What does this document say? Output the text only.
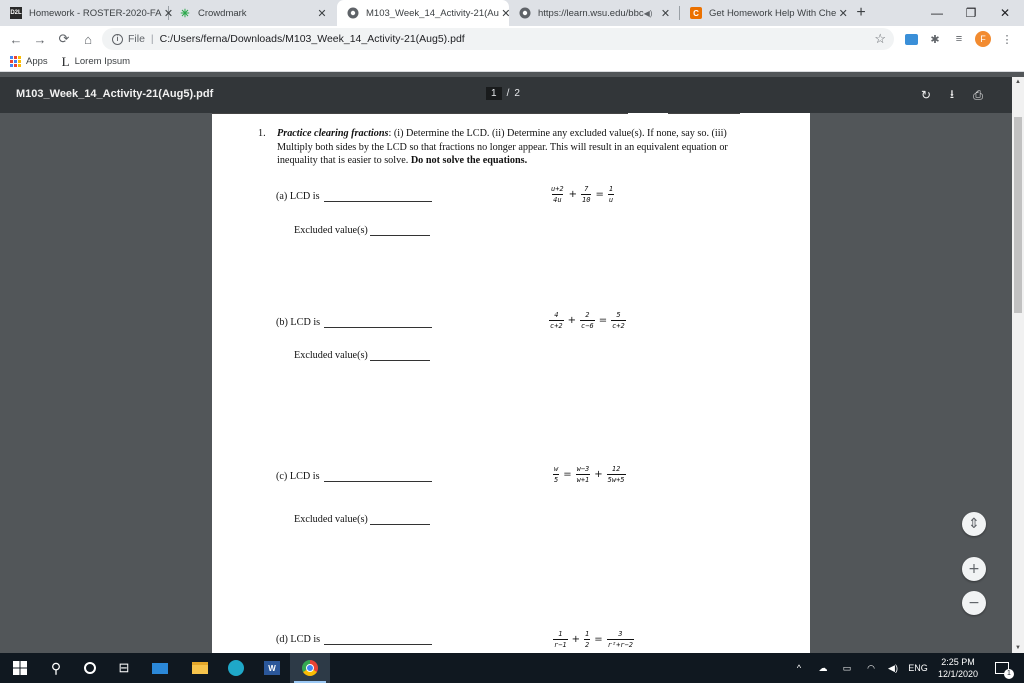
D2L Homework - ROSTER-2020-FA ✕ ✳ Crowdmark	✕	M103_Week_14_Activity-21(Au ✕	https://learn.wsu.edu/bbc ◀) ✕	C	Get Homework Help With Che ✕ +	—	❐	✕
← → ⟳ ⌂	i File | C:/Users/ferna/Downloads/M103_Week_14_Activity-21(Aug5).pdf	☆	✱	≡	F	⋮
Apps L Lorem Ipsum
M103_Week_14_Activity-21(Aug5).pdf	1	/ 2	↻	⭳	⎙
1. Practice clearing fractions: (i) Determine the LCD. (ii) Determine any excluded value(s). If none, say so. (iii) Multiply both sides by the LCD so that fractions no longer appear. This will result in an equivalent equation or inequality that is easier to solve. Do not solve the equations.
(a) LCD is	$\frac{u+2}{4u} + \frac{7}{10} = \frac{1}{u}$
Excluded value(s)
(b) LCD is	$\frac{4}{c+2} + \frac{2}{c-6} = \frac{5}{c+2}$
Excluded value(s)
(c) LCD is	$\frac{w}{5} = \frac{w-3}{w+1} + \frac{12}{5w+5}$
Excluded value(s)
(d) LCD is	$\frac{1}{r-1} + \frac{1}{2} = \frac{3}{\text{r²+r−2}}$
⇕
+
−
▲
▼
⚲	⊟	W	^	☁	▭	◠	◀)	ENG
2:25 PM
12/1/2020	1
